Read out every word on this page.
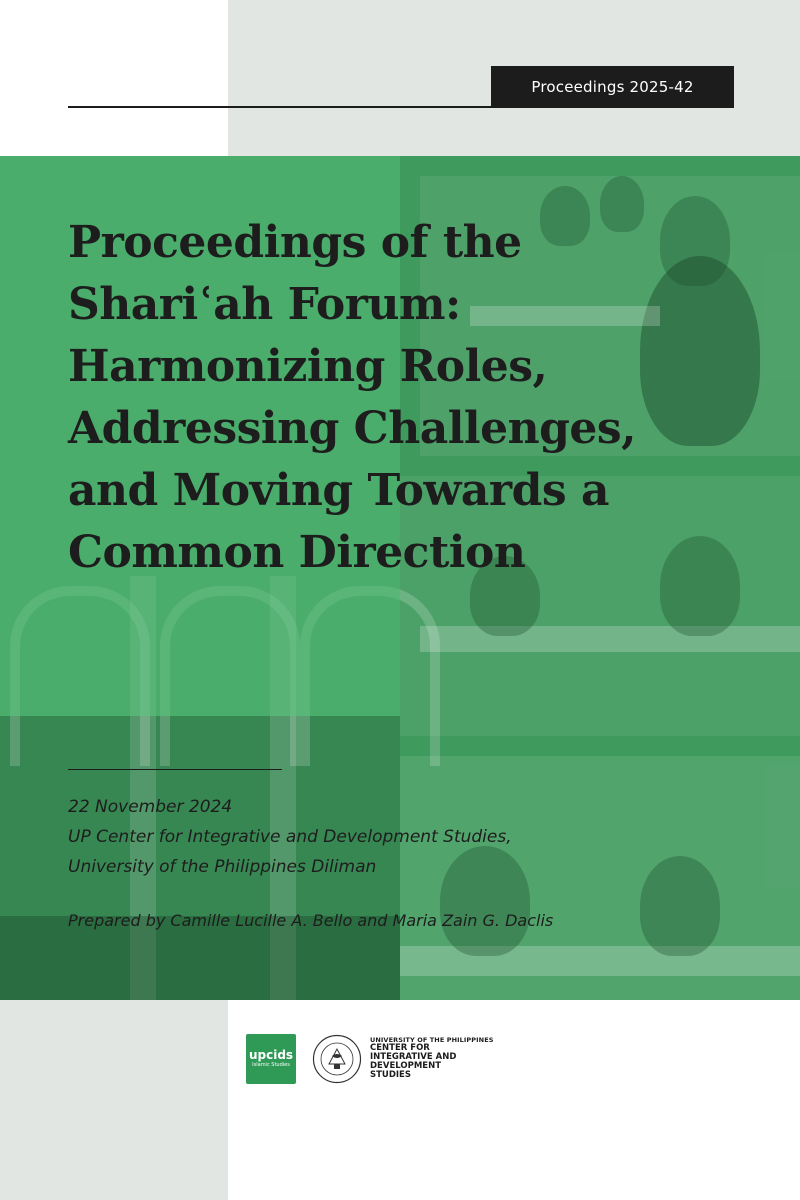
Proceedings 2025-42
Proceedings of the
Shariʿah Forum:
Harmonizing Roles,
Addressing Challenges,
and Moving Towards a
Common Direction
22 November 2024
UP Center for Integrative and Development Studies,
University of the Philippines Diliman
Prepared by Camille Lucille A. Bello and Maria Zain G. Daclis
upcids
Islamic Studies
UNIVERSITY OF THE PHILIPPINES
CENTER FOR
INTEGRATIVE AND
DEVELOPMENT
STUDIES
